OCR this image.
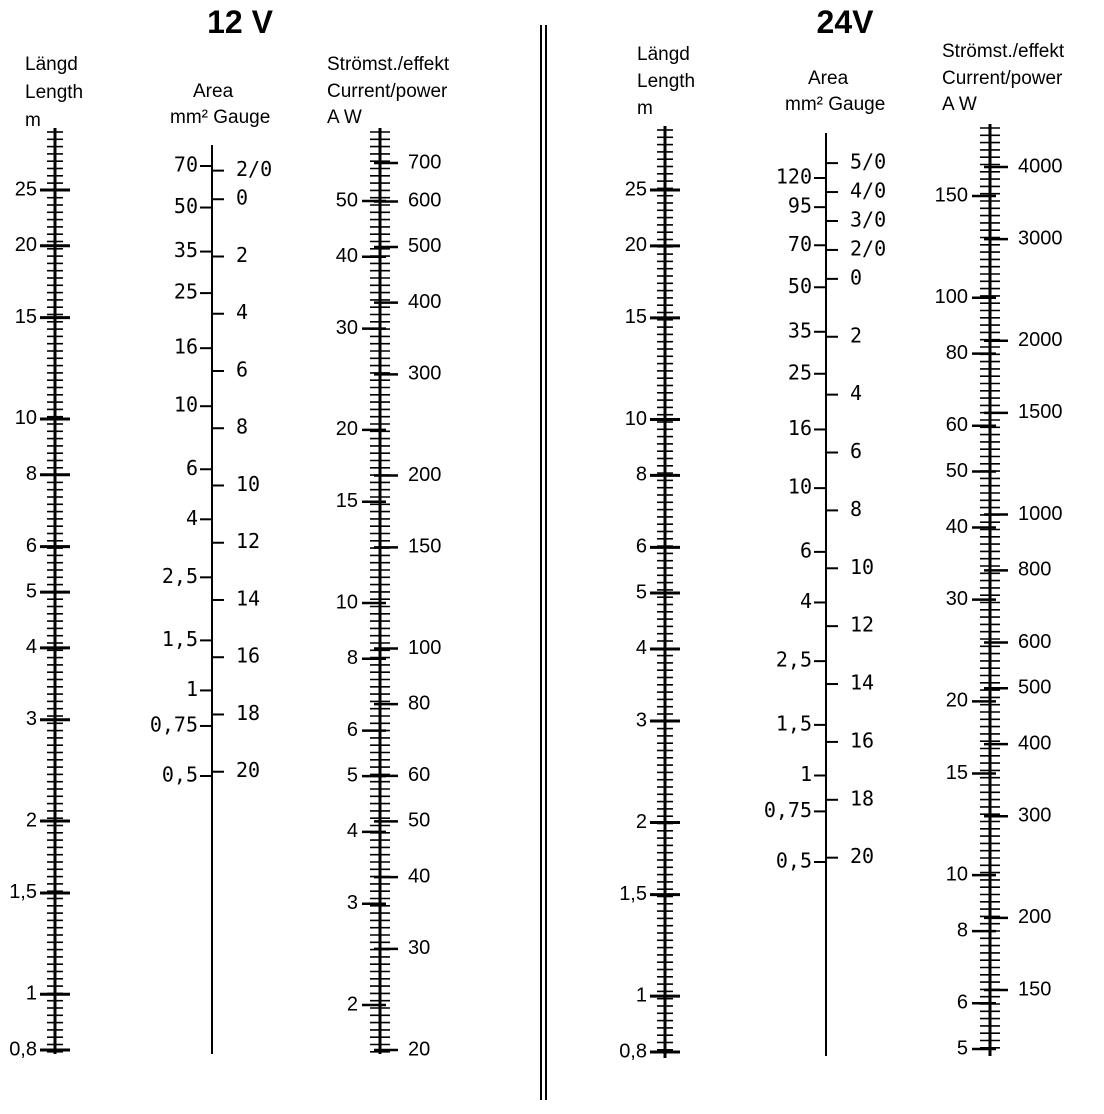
12 V	24V
Längd
Length
m
Area
mm² Gauge
Strömst./effekt
Current/power
A W
Längd
Length
m
Area
mm² Gauge
Strömst./effekt
Current/power
A W
25
20
15
10
8
6
5
4
3
2
1,5
1
0,8
70
50
35
25
16
10
6
4
2,5
1,5
1
0,75
0,5
2/0
0
2
4
6
8
10
12
14
16
18
20
50
40
30
20
15
10
8
6
5
4
3
2
700
600
500
400
300
200
150
100
80
60
50
40
30
20
25
20
15
10
8
6
5
4
3
2
1,5
1
0,8
120
95
70
50
35
25
16
10
6
4
2,5
1,5
1
0,75
0,5
5/0
4/0
3/0
2/0
0
2
4
6
8
10
12
14
16
18
20
150
100
80
60
50
40
30
20
15
10
8
6
5
4000
3000
2000
1500
1000
800
600
500
400
300
200
150
